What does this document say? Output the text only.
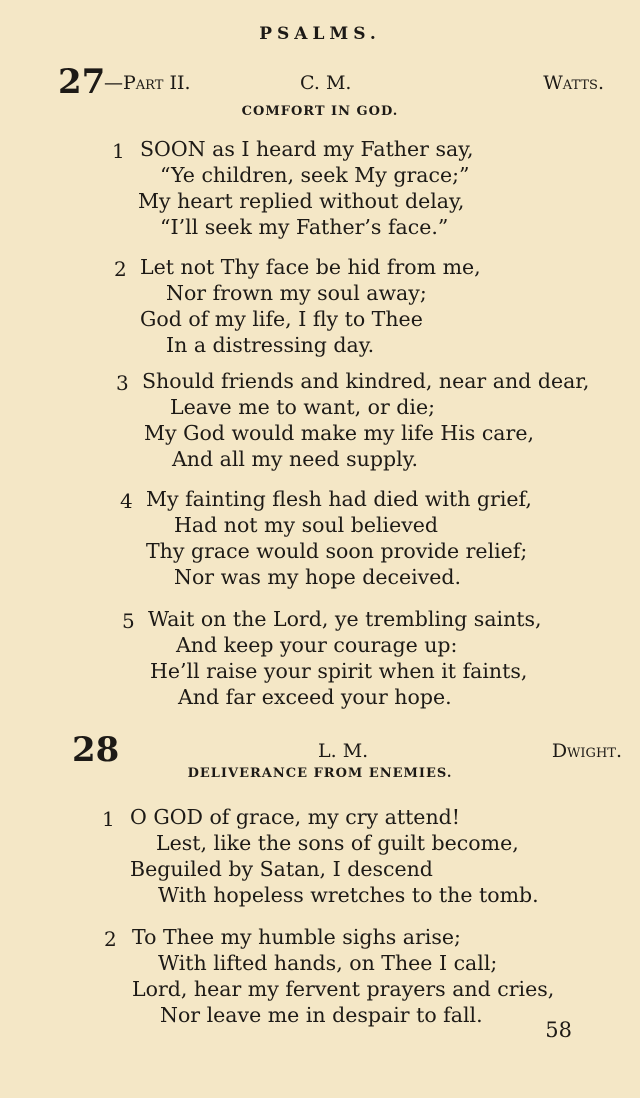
PSALMS.
27
—Part II.	C. M.	Watts.
COMFORT IN GOD.
1 SOON as I heard my Father say,
“Ye children, seek My grace;”
My heart replied without delay,
“I’ll seek my Father’s face.”
2 Let not Thy face be hid from me,
Nor frown my soul away;
God of my life, I fly to Thee
In a distressing day.
3 Should friends and kindred, near and dear,
Leave me to want, or die;
My God would make my life His care,
And all my need supply.
4 My fainting flesh had died with grief,
Had not my soul believed
Thy grace would soon provide relief;
Nor was my hope deceived.
5 Wait on the Lord, ye trembling saints,
And keep your courage up:
He’ll raise your spirit when it faints,
And far exceed your hope.
28	L. M.	Dwight.
DELIVERANCE FROM ENEMIES.
1 O GOD of grace, my cry attend!
Lest, like the sons of guilt become,
Beguiled by Satan, I descend
With hopeless wretches to the tomb.
2 To Thee my humble sighs arise;
With lifted hands, on Thee I call;
Lord, hear my fervent prayers and cries,
Nor leave me in despair to fall.
58
